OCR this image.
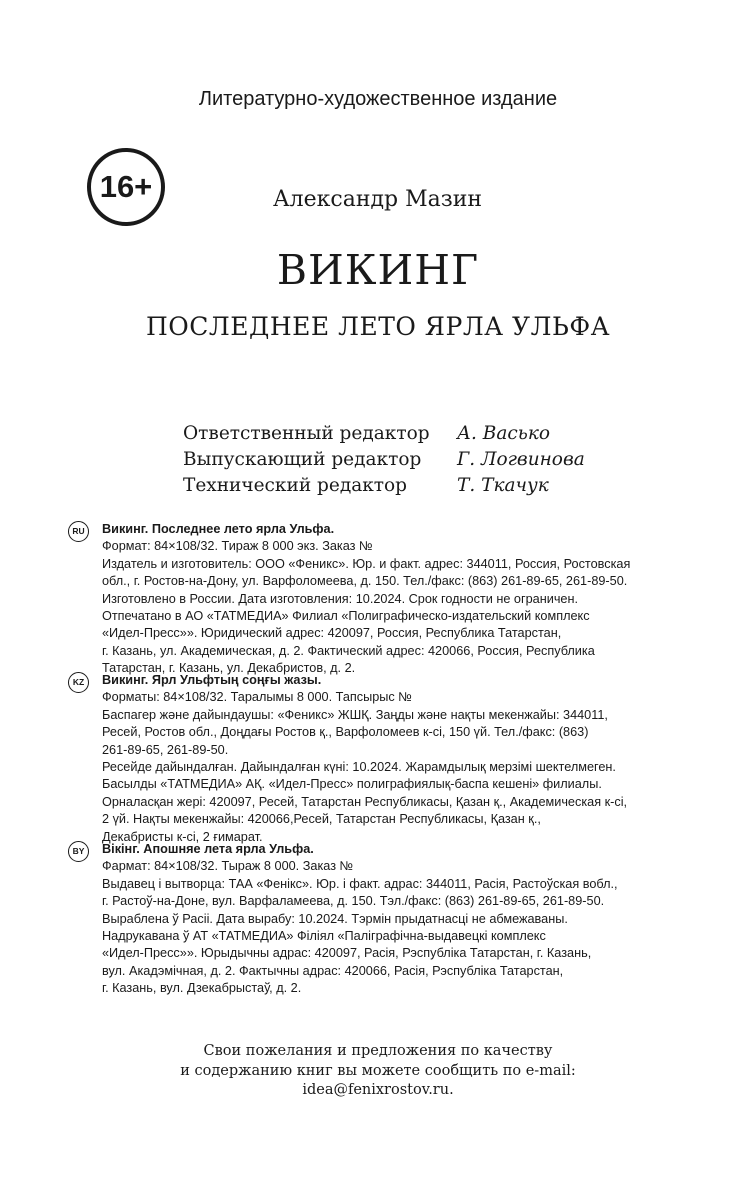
Литературно-художественное издание
16+	Александр Мазин
ВИКИНГ
ПОСЛЕДНЕЕ ЛЕТО ЯРЛА УЛЬФА
Ответственный редактор А. Васько
Выпускающий редактор Г. Логвинова
Технический редактор	Т. Ткачук
RU	Викинг. Последнее лето ярла Ульфа.
Формат: 84×108/32. Тираж 8 000 экз. Заказ №
Издатель и изготовитель: ООО «Феникс». Юр. и факт. адрес: 344011, Россия, Ростовская
обл., г. Ростов-на-Дону, ул. Варфоломеева, д. 150. Тел./факс: (863) 261-89-65, 261-89-50.
Изготовлено в России. Дата изготовления: 10.2024. Срок годности не ограничен.
Отпечатано в АО «ТАТМЕДИА» Филиал «Полиграфическо-издательский комплекс
«Идел-Пресс»». Юридический адрес: 420097, Россия, Республика Татарстан,
г. Казань, ул. Академическая, д. 2. Фактический адрес: 420066, Россия, Республика
Татарстан, г. Казань, ул. Декабристов, д. 2.
KZ	Викинг. Ярл Ульфтың соңғы жазы.
Форматы: 84×108/32. Таралымы 8 000. Тапсырыс №
Баспагер және дайындаушы: «Феникс» ЖШҚ. Заңды және нақты мекенжайы: 344011,
Ресей, Ростов обл., Доңдағы Ростов қ., Варфоломеев к-сі, 150 үй. Тел./факс: (863)
261-89-65, 261-89-50.
Ресейде дайындалған. Дайындалған күні: 10.2024. Жарамдылық мерзімі шектелмеген.
Басылды «ТАТМЕДИА» АҚ. «Идел-Пресс» полиграфиялық-баспа кешені» филиалы.
Орналасқан жері: 420097, Ресей, Татарстан Республикасы, Қазан қ., Академическая к-сі,
2 үй. Нақты мекенжайы: 420066,Ресей, Татарстан Республикасы, Қазан қ.,
Декабристы к-сі, 2 ғимарат.
BY	Вікінг. Апошняе лета ярла Ульфа.
Фармат: 84×108/32. Тыраж 8 000. Заказ №
Выдавец і вытворца: ТАА «Фенікс». Юр. і факт. адрас: 344011, Расія, Растоўская вобл.,
г. Растоў-на-Доне, вул. Варфаламеева, д. 150. Тэл./факс: (863) 261-89-65, 261-89-50.
Выраблена ў Расіі. Дата вырабу: 10.2024. Тэрмін прыдатнасці не абмежаваны.
Надрукавана ў АТ «ТАТМЕДИА» Філіял «Паліграфічна-выдавецкі комплекс
«Идел-Пресс»». Юрыдычны адрас: 420097, Расія, Рэспубліка Татарстан, г. Казань,
вул. Акадэмічная, д. 2. Фактычны адрас: 420066, Расія, Рэспубліка Татарстан,
г. Казань, вул. Дзекабрыстаў, д. 2.
Свои пожелания и предложения по качеству
и содержанию книг вы можете сообщить по e-mail:
idea@fenixrostov.ru.
